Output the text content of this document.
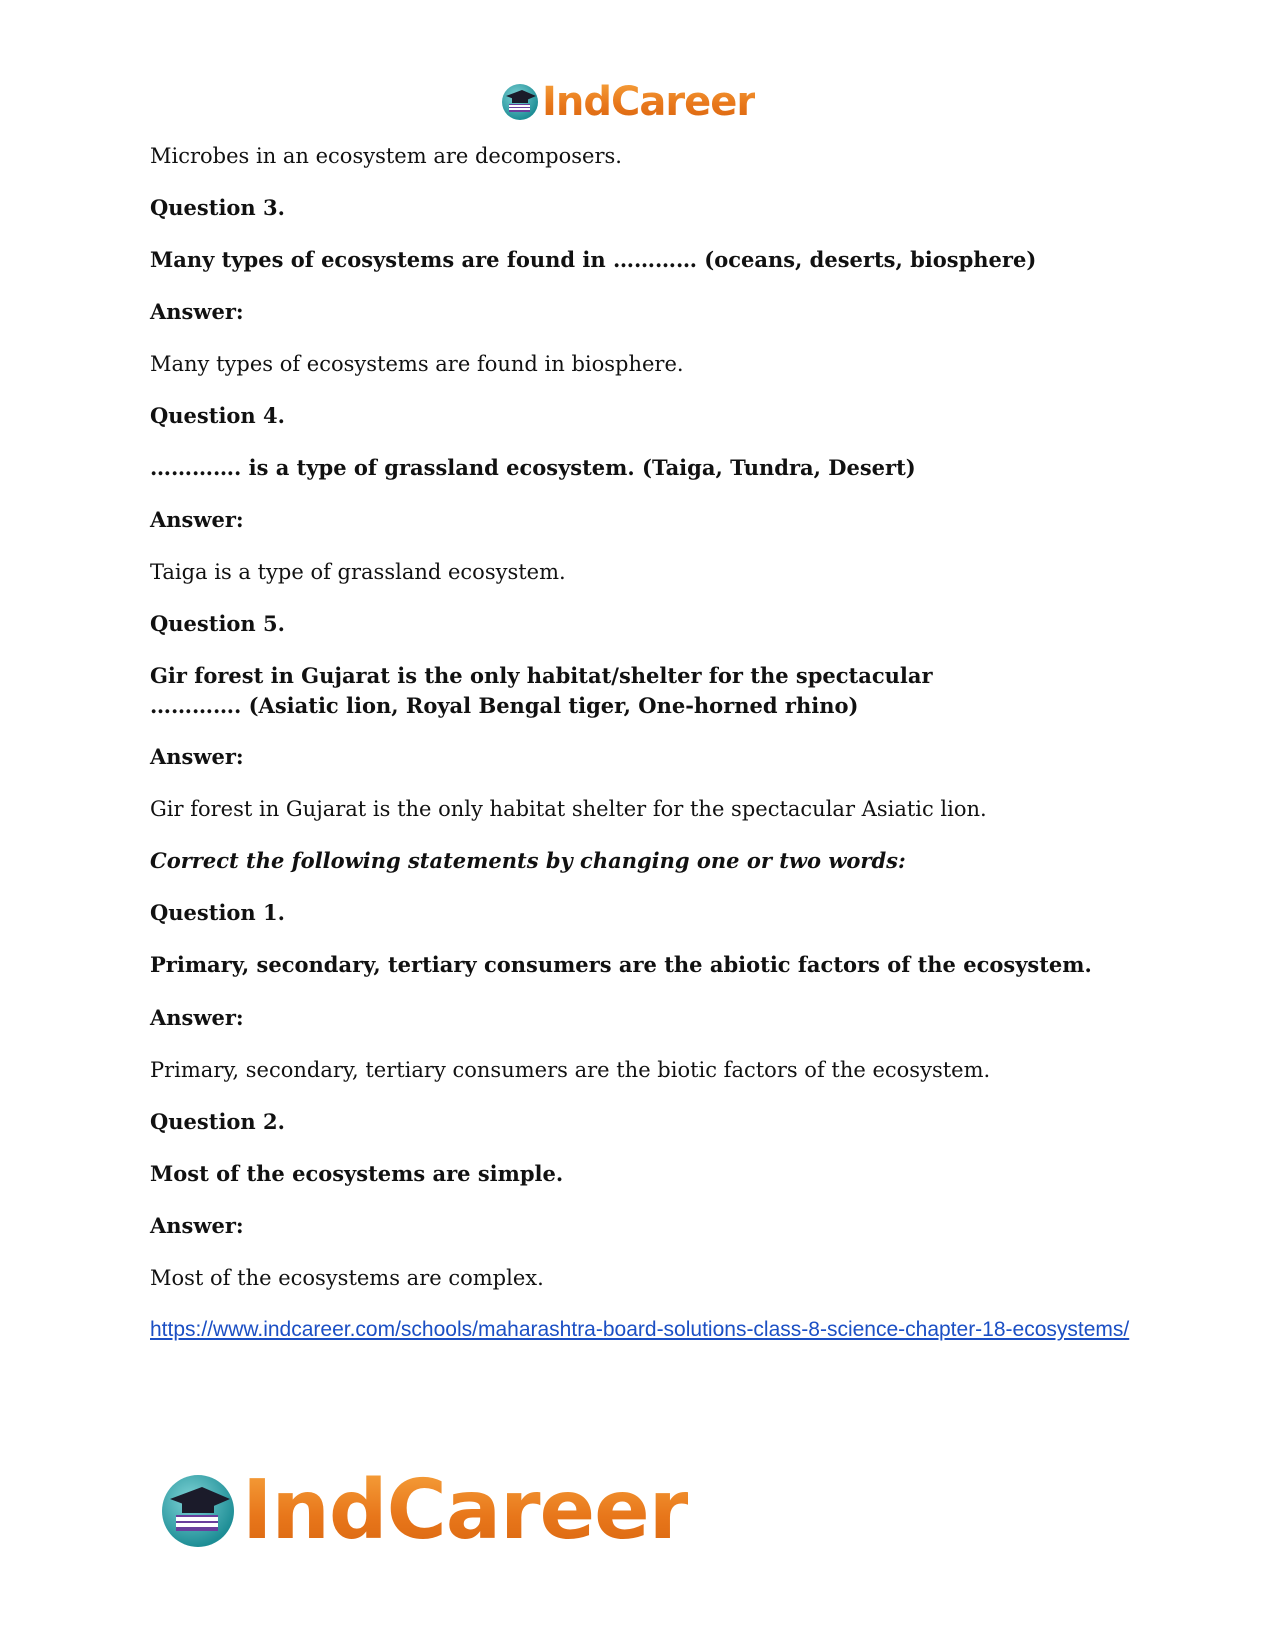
IndCareer

Microbes in an ecosystem are decomposers.

Question 3.

Many types of ecosystems are found in ………… (oceans, deserts, biosphere)

Answer:

Many types of ecosystems are found in biosphere.

Question 4.

…………. is a type of grassland ecosystem. (Taiga, Tundra, Desert)

Answer:

Taiga is a type of grassland ecosystem.

Question 5.

Gir forest in Gujarat is the only habitat/shelter for the spectacular …………. (Asiatic lion, Royal Bengal tiger, One-horned rhino)

Answer:

Gir forest in Gujarat is the only habitat shelter for the spectacular Asiatic lion.

Correct the following statements by changing one or two words:

Question 1.

Primary, secondary, tertiary consumers are the abiotic factors of the ecosystem.

Answer:

Primary, secondary, tertiary consumers are the biotic factors of the ecosystem.

Question 2.

Most of the ecosystems are simple.

Answer:

Most of the ecosystems are complex.

https://www.indcareer.com/schools/maharashtra-board-solutions-class-8-science-chapter-18-ecosystems/
IndCareer
